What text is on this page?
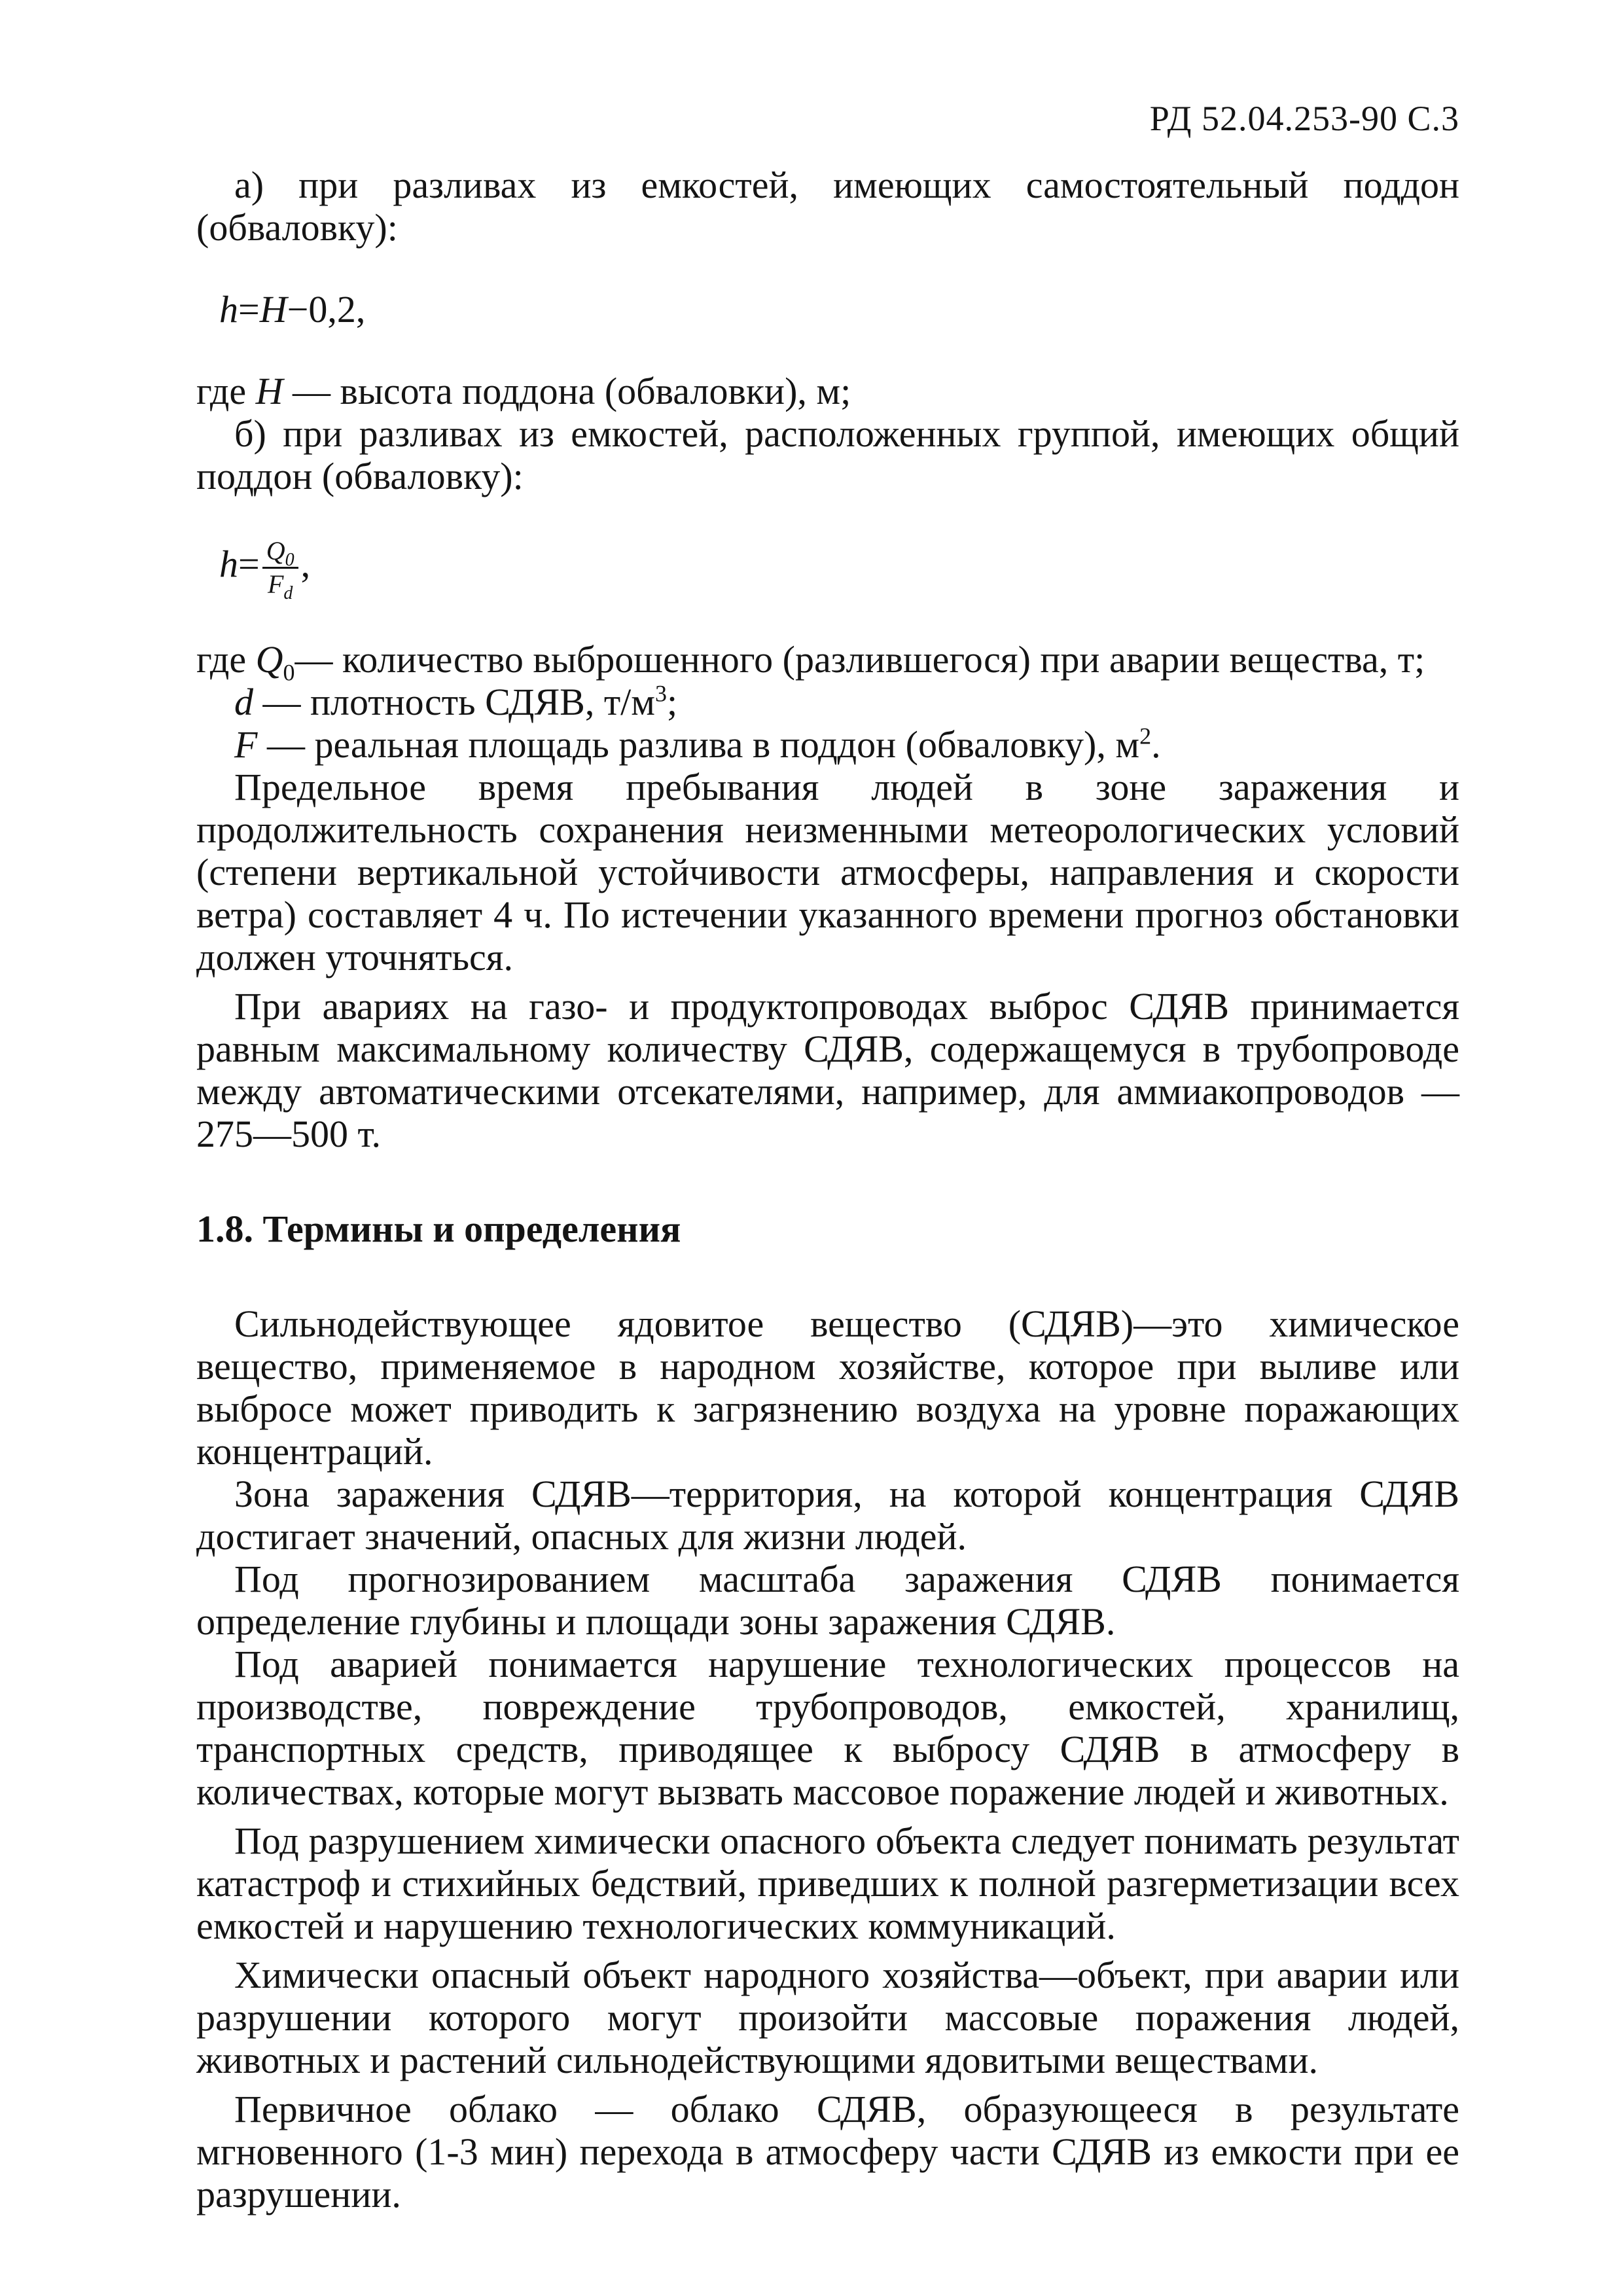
РД 52.04.253-90 С.3

а) при разливах из емкостей, имеющих самостоятельный поддон (обваловку):

h=H−0,2,

где H — высота поддона (обваловки), м;

б) при разливах из емкостей, расположенных группой, имеющих общий поддон (обваловку):

$h= \frac{Q_0}{F_d}$ ,

где $Q_0—$ количество выброшенного (разлившегося) при аварии вещества, т;

d — плотность СДЯВ, $т/м^3$;

F — реальная площадь разлива в поддон (обваловку), $м^2$.

Предельное время пребывания людей в зоне заражения и продолжительность сохранения неизменными метеорологических условий (степени вертикальной устойчивости атмосферы, направления и скорости ветра) составляет 4 ч. По истечении указанного времени прогноз обстановки должен уточняться.

При авариях на газо- и продуктопроводах выброс СДЯВ принимается равным максимальному количеству СДЯВ, содержащемуся в трубопроводе между автоматическими отсекателями, например, для аммиакопроводов — 275—500 т.

1.8. Термины и определения

Сильнодействующее ядовитое вещество (СДЯВ)—это химическое вещество, применяемое в народном хозяйстве, которое при выливе или выбросе может приводить к загрязнению воздуха на уровне поражающих концентраций.

Зона заражения СДЯВ—территория, на которой концентрация СДЯВ достигает значений, опасных для жизни людей.

Под прогнозированием масштаба заражения СДЯВ понимается определение глубины и площади зоны заражения СДЯВ.

Под аварией понимается нарушение технологических процессов на производстве, повреждение трубопроводов, емкостей, хранилищ, транспортных средств, приводящее к выбросу СДЯВ в атмосферу в количествах, которые могут вызвать массовое поражение людей и животных.

Под разрушением химически опасного объекта следует понимать результат катастроф и стихийных бедствий, приведших к полной разгерметизации всех емкостей и нарушению технологических коммуникаций.

Химически опасный объект народного хозяйства—объект, при аварии или разрушении которого могут произойти массовые поражения людей, животных и растений сильнодействующими ядовитыми веществами.

Первичное облако — облако СДЯВ, образующееся в результате мгновенного (1-3 мин) перехода в атмосферу части СДЯВ из емкости при ее разрушении.
